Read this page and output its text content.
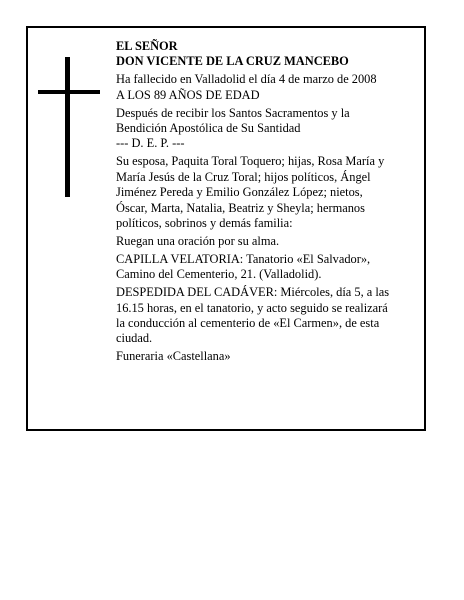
EL SEÑOR

DON VICENTE DE LA CRUZ MANCEBO

Ha fallecido en Valladolid el día 4 de marzo de 2008

A LOS 89 AÑOS DE EDAD

Después de recibir los Santos Sacramentos y la

Bendición Apostólica de Su Santidad

--- D. E. P. ---

Su esposa, Paquita Toral Toquero; hijas, Rosa María y

María Jesús de la Cruz Toral; hijos políticos, Ángel

Jiménez Pereda y Emilio González López; nietos,

Óscar, Marta, Natalia, Beatriz y Sheyla; hermanos

políticos, sobrinos y demás familia:

Ruegan una oración por su alma.

CAPILLA VELATORIA: Tanatorio «El Salvador»,

Camino del Cementerio, 21. (Valladolid).

DESPEDIDA DEL CADÁVER: Miércoles, día 5, a las

16.15 horas, en el tanatorio, y acto seguido se realizará

la conducción al cementerio de «El Carmen», de esta

ciudad.

Funeraria «Castellana»
